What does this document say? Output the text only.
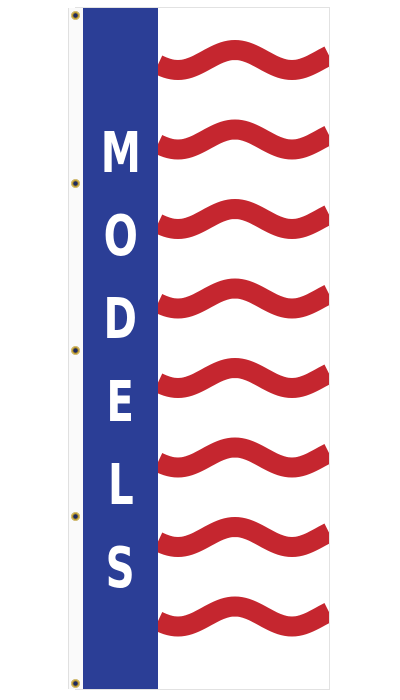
M
O
D
E
L
S
